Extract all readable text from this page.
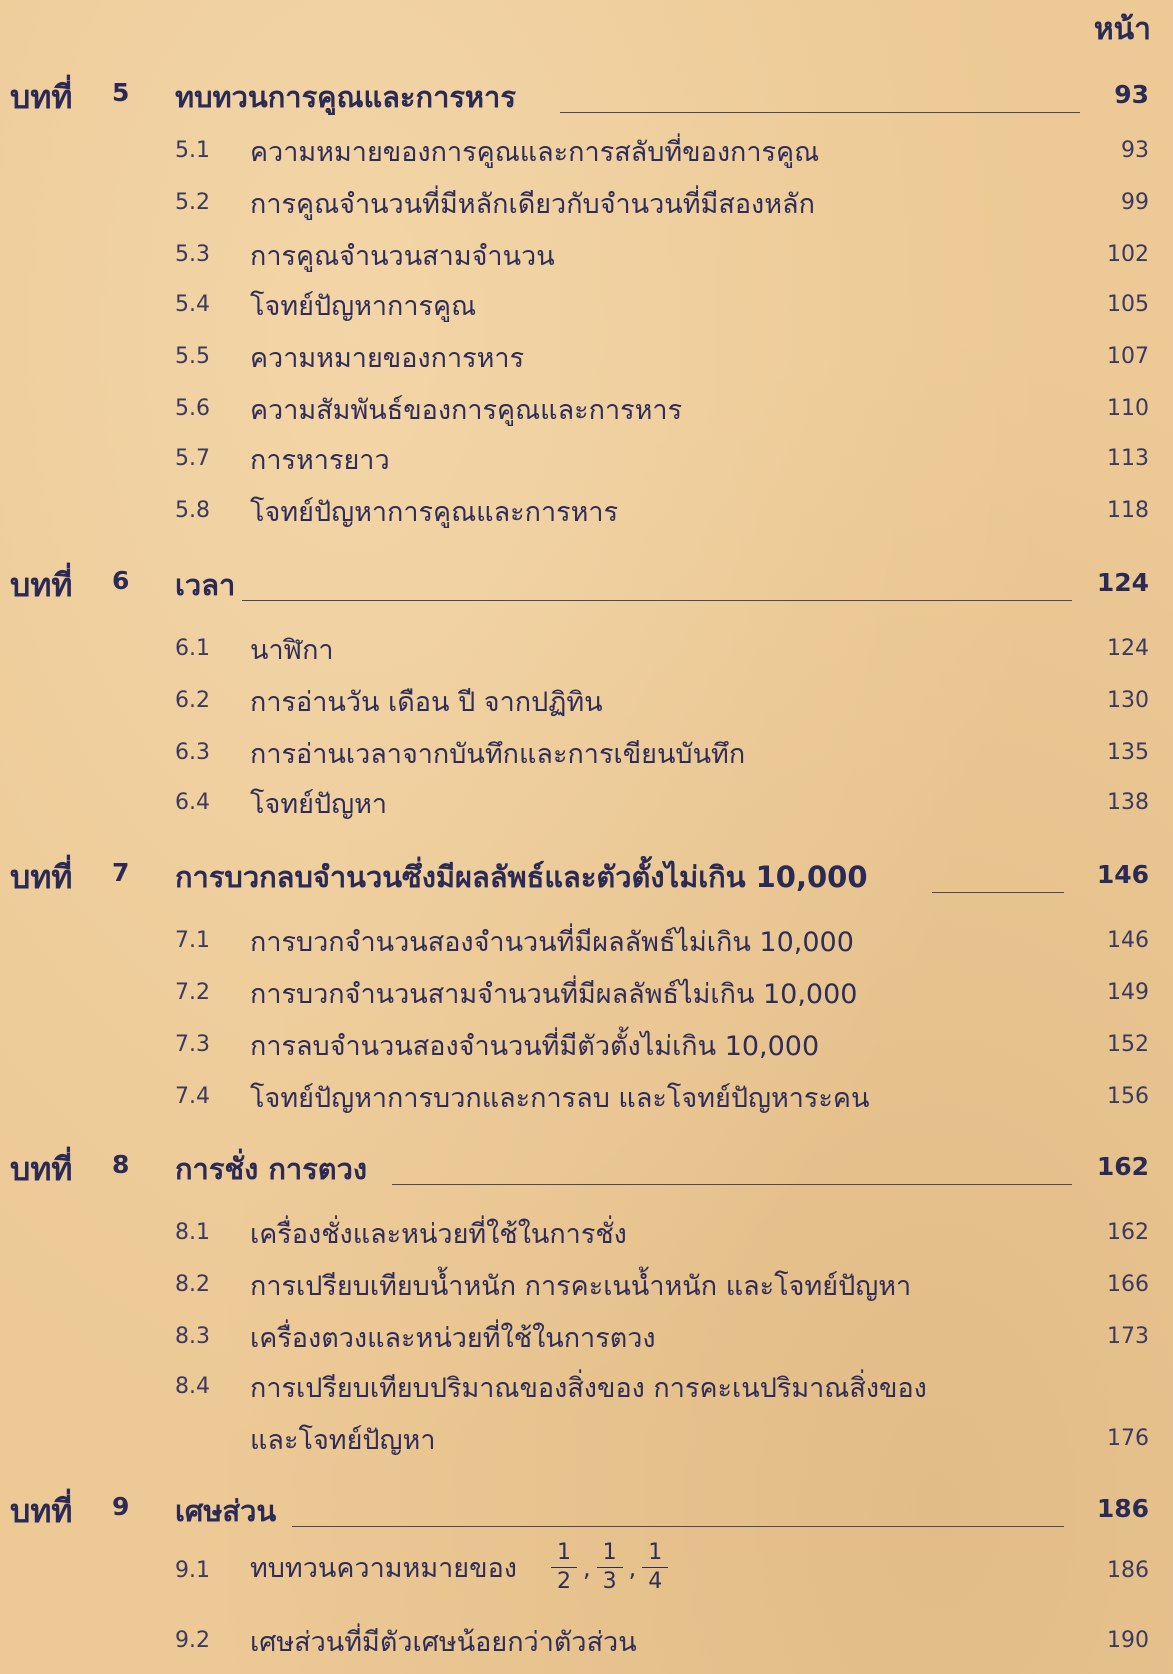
หน้า
บทที่ 5 ทบทวนการคูณและการหาร	93
5.1 ความหมายของการคูณและการสลับที่ของการคูณ	93
5.2 การคูณจำนวนที่มีหลักเดียวกับจำนวนที่มีสองหลัก	99
5.3 การคูณจำนวนสามจำนวน	102
5.4 โจทย์ปัญหาการคูณ	105
5.5 ความหมายของการหาร	107
5.6 ความสัมพันธ์ของการคูณและการหาร	110
5.7 การหารยาว	113
5.8 โจทย์ปัญหาการคูณและการหาร	118
บทที่ 6 เวลา	124
6.1 นาฬิกา	124
6.2 การอ่านวัน เดือน ปี จากปฏิทิน	130
6.3 การอ่านเวลาจากบันทึกและการเขียนบันทึก	135
6.4 โจทย์ปัญหา	138
บทที่ 7 การบวกลบจำนวนซึ่งมีผลลัพธ์และตัวตั้งไม่เกิน 10,000	146
7.1 การบวกจำนวนสองจำนวนที่มีผลลัพธ์ไม่เกิน 10,000	146
7.2 การบวกจำนวนสามจำนวนที่มีผลลัพธ์ไม่เกิน 10,000	149
7.3 การลบจำนวนสองจำนวนที่มีตัวตั้งไม่เกิน 10,000	152
7.4 โจทย์ปัญหาการบวกและการลบ และโจทย์ปัญหาระคน	156
บทที่ 8 การชั่ง การตวง	162
8.1 เครื่องชั่งและหน่วยที่ใช้ในการชั่ง	162
8.2 การเปรียบเทียบน้ำหนัก การคะเนน้ำหนัก และโจทย์ปัญหา	166
8.3 เครื่องตวงและหน่วยที่ใช้ในการตวง	173
8.4 การเปรียบเทียบปริมาณของสิ่งของ การคะเนปริมาณสิ่งของ
และโจทย์ปัญหา	176
บทที่ 9 เศษส่วน	186
9.1 ทบทวนความหมายของ $\frac{1}{2}$ , $\frac{1}{3}$ , $\frac{1}{4}$	186
9.2 เศษส่วนที่มีตัวเศษน้อยกว่าตัวส่วน	190
